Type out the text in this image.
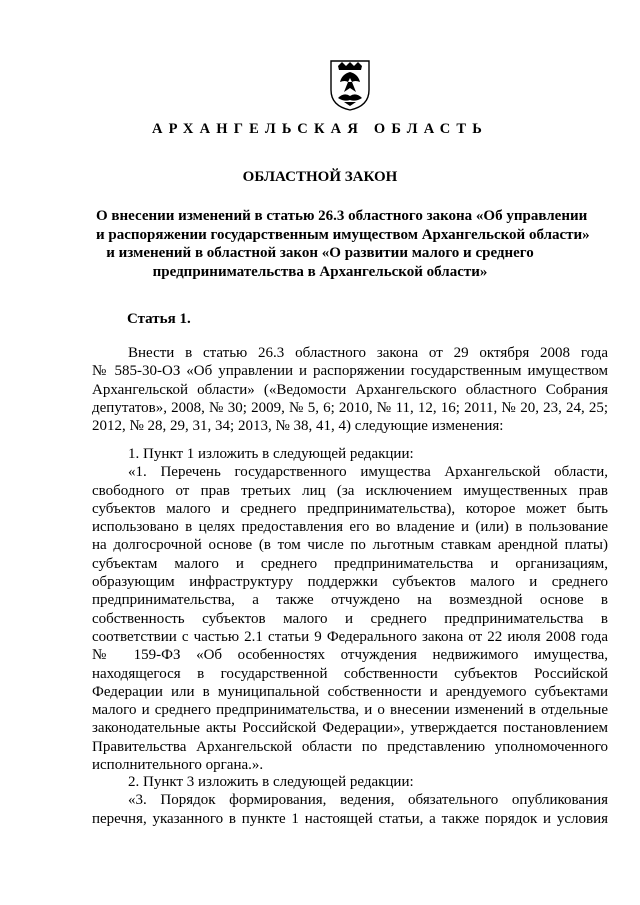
АРХАНГЕЛЬСКАЯ ОБЛАСТЬ
ОБЛАСТНОЙ ЗАКОН
О внесении изменений в статью 26.3 областного закона «Об управлении
и распоряжении государственным имуществом Архангельской области»
и изменений в областной закон «О развитии малого и среднего
предпринимательства в Архангельской области»
Статья 1.
Внести в статью 26.3 областного закона от 29 октября 2008 года
№ 585-30-ОЗ «Об управлении и распоряжении государственным имуществом
Архангельской области» («Ведомости Архангельского областного Собрания
депутатов», 2008, № 30; 2009, № 5, 6; 2010, № 11, 12, 16; 2011, № 20, 23, 24, 25;
2012, № 28, 29, 31, 34; 2013, № 38, 41, 4) следующие изменения:
1. Пункт 1 изложить в следующей редакции:
«1. Перечень государственного имущества Архангельской области,
свободного от прав третьих лиц (за исключением имущественных прав
субъектов малого и среднего предпринимательства), которое может быть
использовано в целях предоставления его во владение и (или) в пользование
на долгосрочной основе (в том числе по льготным ставкам арендной платы)
субъектам малого и среднего предпринимательства и организациям,
образующим инфраструктуру поддержки субъектов малого и среднего
предпринимательства, а также отчуждено на возмездной основе в
собственность субъектов малого и среднего предпринимательства в
соответствии с частью 2.1 статьи 9 Федерального закона от 22 июля 2008 года
№ 159-ФЗ «Об особенностях отчуждения недвижимого имущества,
находящегося в государственной собственности субъектов Российской
Федерации или в муниципальной собственности и арендуемого субъектами
малого и среднего предпринимательства, и о внесении изменений в отдельные
законодательные акты Российской Федерации», утверждается постановлением
Правительства Архангельской области по представлению уполномоченного
исполнительного органа.».
2. Пункт 3 изложить в следующей редакции:
«3. Порядок формирования, ведения, обязательного опубликования
перечня, указанного в пункте 1 настоящей статьи, а также порядок и условия
